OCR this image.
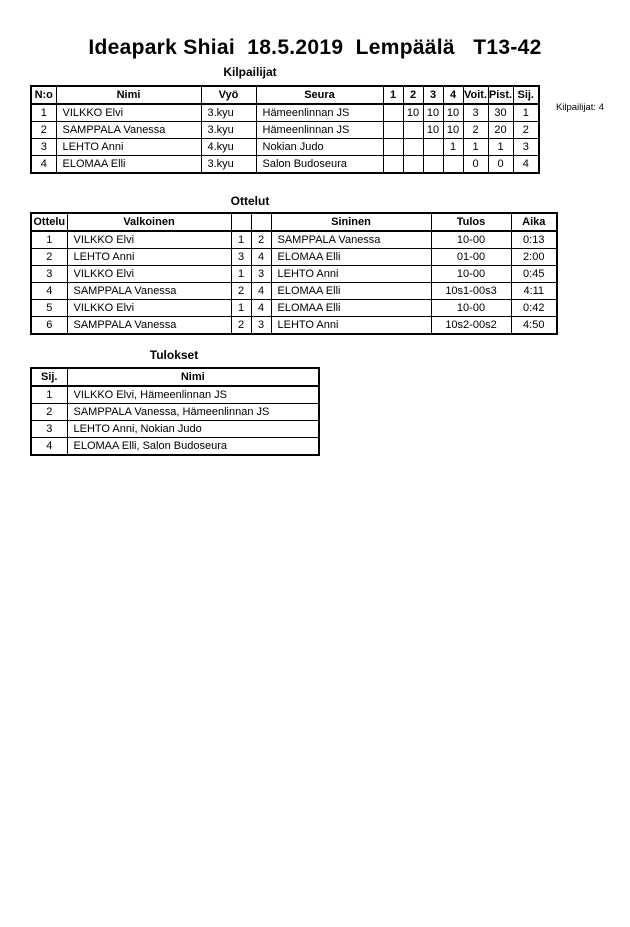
Ideapark Shiai  18.5.2019  Lempäälä   T13-42
Kilpailijat: 4
Kilpailijat
N:o	Nimi	Vyö	Seura	1	2	3	4	Voit.	Pist.	Sij.
1	VILKKO Elvi	3.kyu	Hämeenlinnan JS		10	10	10	3	30	1
2	SAMPPALA Vanessa	3.kyu	Hämeenlinnan JS			10	10	2	20	2
3	LEHTO Anni	4.kyu	Nokian Judo				1	1	1	3
4	ELOMAA Elli	3.kyu	Salon Budoseura					0	0	4
Ottelut
Ottelu	Valkoinen			Sininen	Tulos	Aika
1	VILKKO Elvi	1	2	SAMPPALA Vanessa	10-00	0:13
2	LEHTO Anni	3	4	ELOMAA Elli	01-00	2:00
3	VILKKO Elvi	1	3	LEHTO Anni	10-00	0:45
4	SAMPPALA Vanessa	2	4	ELOMAA Elli	10s1-00s3	4:11
5	VILKKO Elvi	1	4	ELOMAA Elli	10-00	0:42
6	SAMPPALA Vanessa	2	3	LEHTO Anni	10s2-00s2	4:50
Tulokset
Sij.	Nimi
1	VILKKO Elvi, Hämeenlinnan JS
2	SAMPPALA Vanessa, Hämeenlinnan JS
3	LEHTO Anni, Nokian Judo
4	ELOMAA Elli, Salon Budoseura
